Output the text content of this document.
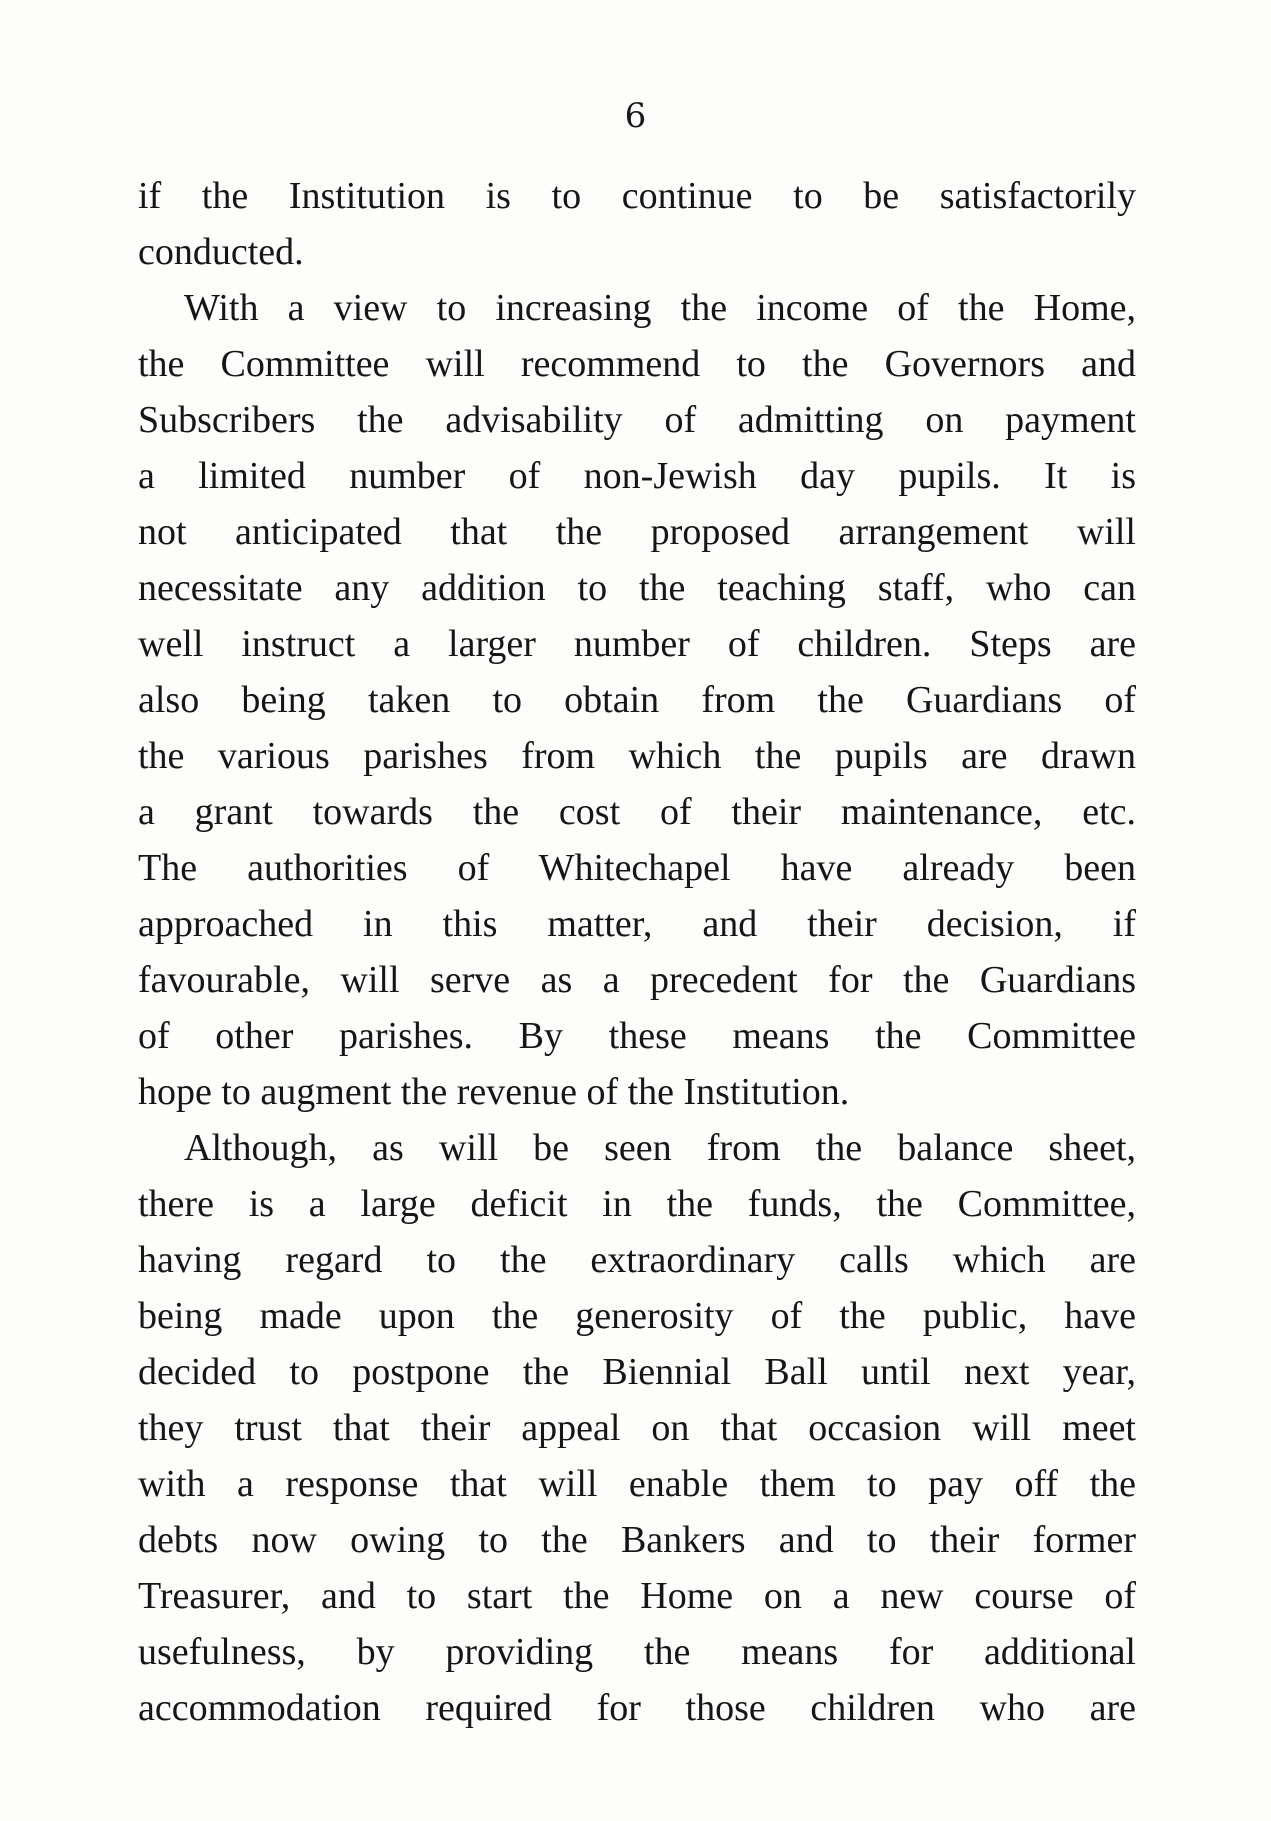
6
if the Institution is to continue to be satisfactorily
conducted.
With a view to increasing the income of the Home,
the Committee will recommend to the Governors and
Subscribers the advisability of admitting on payment
a limited number of non-Jewish day pupils. It is
not anticipated that the proposed arrangement will
necessitate any addition to the teaching staff, who can
well instruct a larger number of children. Steps are
also being taken to obtain from the Guardians of
the various parishes from which the pupils are drawn
a grant towards the cost of their maintenance, etc.
The authorities of Whitechapel have already been
approached in this matter, and their decision, if
favourable, will serve as a precedent for the Guardians
of other parishes. By these means the Committee
hope to augment the revenue of the Institution.
Although, as will be seen from the balance sheet,
there is a large deficit in the funds, the Committee,
having regard to the extraordinary calls which are
being made upon the generosity of the public, have
decided to postpone the Biennial Ball until next year,
they trust that their appeal on that occasion will meet
with a response that will enable them to pay off the
debts now owing to the Bankers and to their former
Treasurer, and to start the Home on a new course of
usefulness, by providing the means for additional
accommodation required for those children who are
